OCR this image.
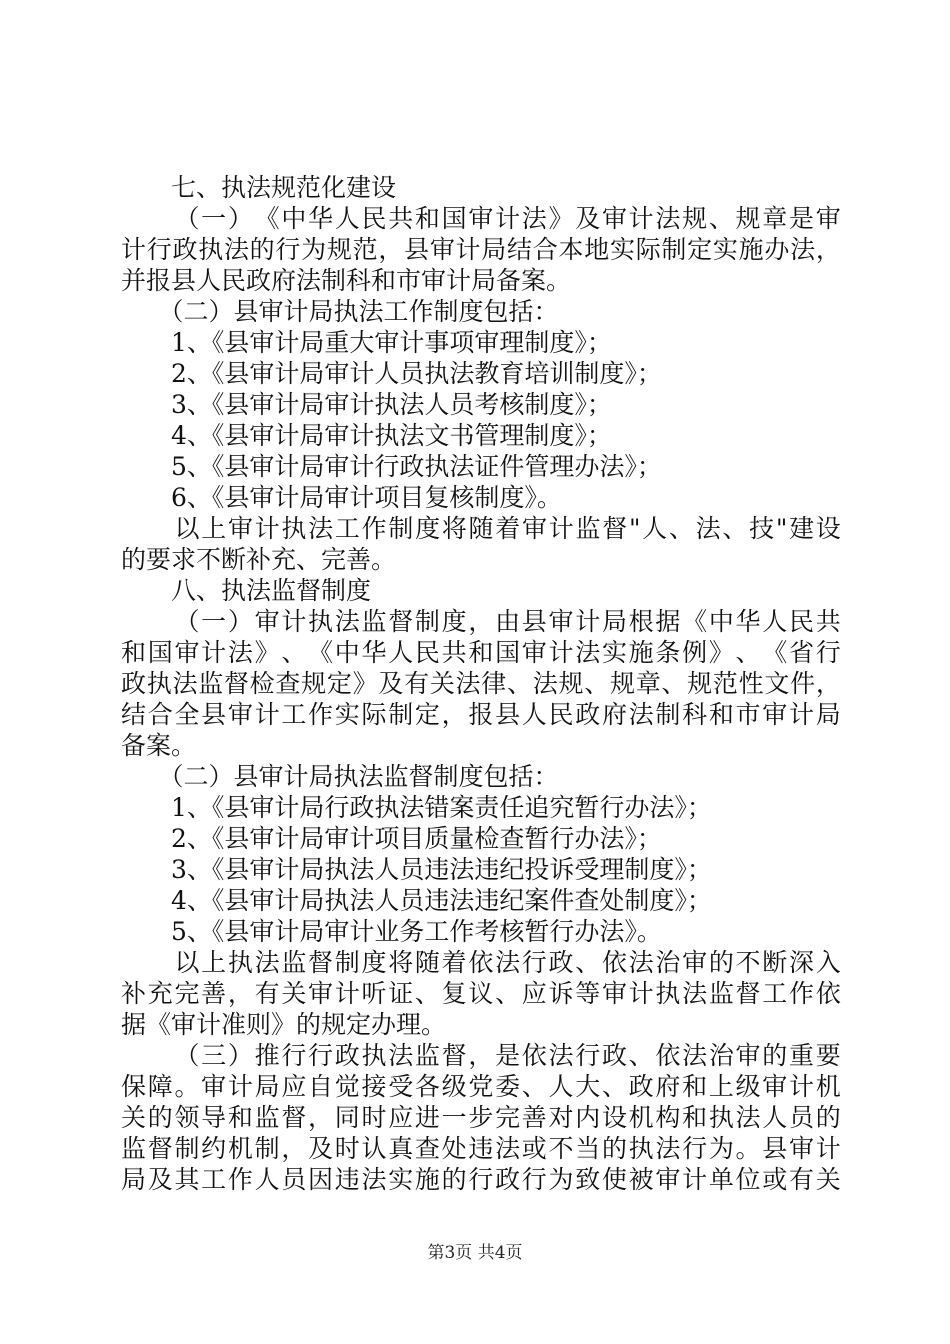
　　七、执法规范化建设

（ 一 ） 《 中 华 人 民 共 和 国 审 计 法 》 及 审 计 法 规 、 规 章 是 审
计 行 政 执 法 的 行 为 规 范 ， 县 审 计 局 结 合 本 地 实 际 制 定 实 施 办 法 ，
并报县人民政府法制科和市审计局备案。
　　（二）县审计局执法工作制度包括：
　　1、《县审计局重大审计事项审理制度》；
　　2、《县审计局审计人员执法教育培训制度》；
　　3、《县审计局审计执法人员考核制度》；
　　4、《县审计局审计执法文书管理制度》；
　　5、《县审计局审计行政执法证件管理办法》；
　　6、《县审计局审计项目复核制度》。

以 上 审 计 执 法 工 作 制 度 将 随 着 审 计 监 督 " 人 、 法 、 技 " 建 设
的要求不断补充、完善。
　　八、执法监督制度

（ 一 ） 审 计 执 法 监 督 制 度 ， 由 县 审 计 局 根 据 《 中 华 人 民 共
和 国 审 计 法 》 、 《 中 华 人 民 共 和 国 审 计 法 实 施 条 例 》 、 《 省 行
政 执 法 监 督 检 查 规 定 》 及 有 关 法 律 、 法 规 、 规 章 、 规 范 性 文 件 ，
结 合 全 县 审 计 工 作 实 际 制 定 ， 报 县 人 民 政 府 法 制 科 和 市 审 计 局
备案。
　　（二）县审计局执法监督制度包括：
　　1、《县审计局行政执法错案责任追究暂行办法》；
　　2、《县审计局审计项目质量检查暂行办法》；
　　3、《县审计局执法人员违法违纪投诉受理制度》；
　　4、《县审计局执法人员违法违纪案件查处制度》；
　　5、《县审计局审计业务工作考核暂行办法》。

以 上 执 法 监 督 制 度 将 随 着 依 法 行 政 、 依 法 治 审 的 不 断 深 入
补 充 完 善 ， 有 关 审 计 听 证 、 复 议 、 应 诉 等 审 计 执 法 监 督 工 作 依
据《审计准则》的规定办理。

（ 三 ） 推 行 行 政 执 法 监 督 ， 是 依 法 行 政 、 依 法 治 审 的 重 要
保 障 。 审 计 局 应 自 觉 接 受 各 级 党 委 、 人 大 、 政 府 和 上 级 审 计 机
关 的 领 导 和 监 督 ， 同 时 应 进 一 步 完 善 对 内 设 机 构 和 执 法 人 员 的
监 督 制 约 机 制 ， 及 时 认 真 查 处 违 法 或 不 当 的 执 法 行 为 。 县 审 计
局 及 其 工 作 人 员 因 违 法 实 施 的 行 政 行 为 致 使 被 审 计 单 位 或 有 关
第3页 共4页
